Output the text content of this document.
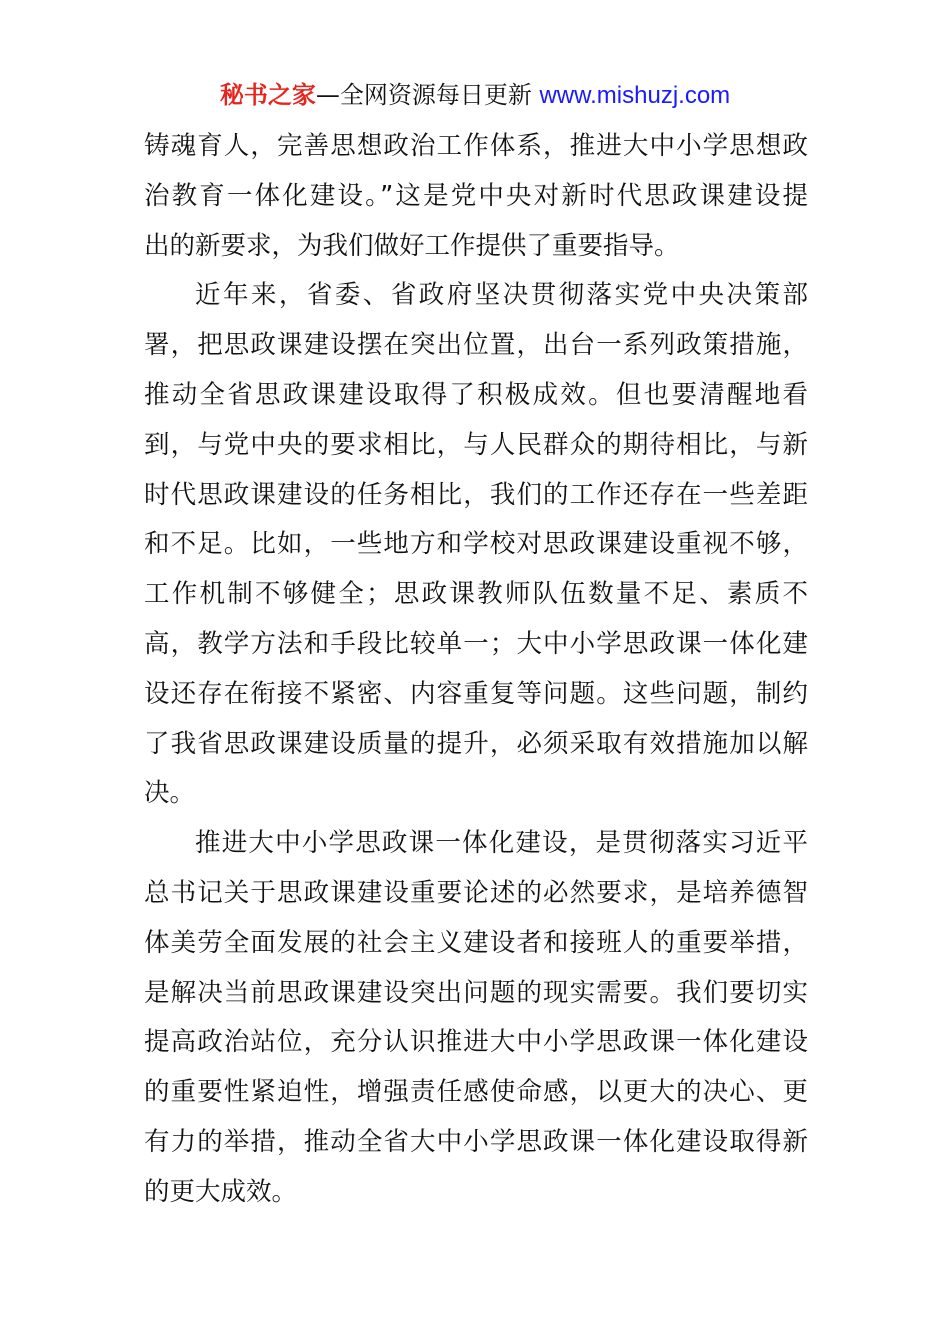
秘书之家—全网资源每日更新 www.mishuzj.com

铸魂育人，完善思想政治工作体系，推进大中小学思想政
治教育一体化建设。”这是党中央对新时代思政课建设提
出的新要求，为我们做好工作提供了重要指导。

近年来，省委、省政府坚决贯彻落实党中央决策部
署，把思政课建设摆在突出位置，出台一系列政策措施，
推动全省思政课建设取得了积极成效。但也要清醒地看
到，与党中央的要求相比，与人民群众的期待相比，与新
时代思政课建设的任务相比，我们的工作还存在一些差距
和不足。比如，一些地方和学校对思政课建设重视不够，
工作机制不够健全；思政课教师队伍数量不足、素质不
高，教学方法和手段比较单一；大中小学思政课一体化建
设还存在衔接不紧密、内容重复等问题。这些问题，制约
了我省思政课建设质量的提升，必须采取有效措施加以解
决。

推进大中小学思政课一体化建设，是贯彻落实习近平
总书记关于思政课建设重要论述的必然要求，是培养德智
体美劳全面发展的社会主义建设者和接班人的重要举措，
是解决当前思政课建设突出问题的现实需要。我们要切实
提高政治站位，充分认识推进大中小学思政课一体化建设
的重要性紧迫性，增强责任感使命感，以更大的决心、更
有力的举措，推动全省大中小学思政课一体化建设取得新
的更大成效。
